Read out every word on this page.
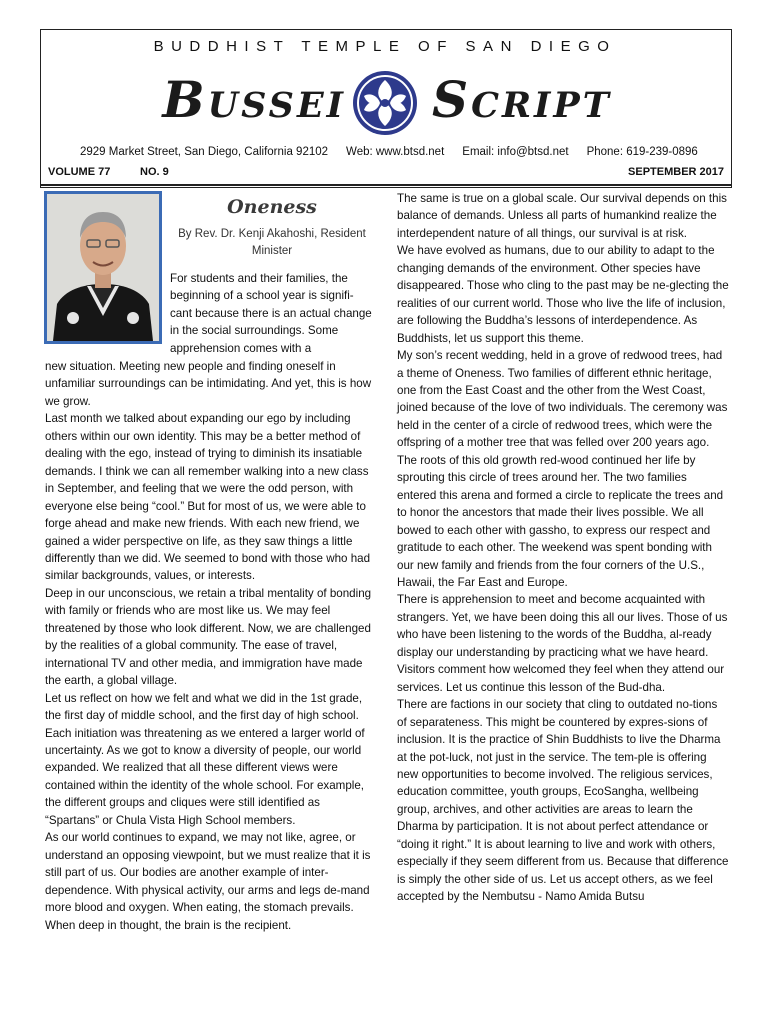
BUDDHIST TEMPLE OF SAN DIEGO
Bussei Script
2929 Market Street, San Diego, California 92102 Web: www.btsd.net Email: info@btsd.net Phone: 619-239-0896
VOLUME 77	NO. 9	SEPTEMBER 2017
Oneness
By Rev. Dr. Kenji Akahoshi, Resident Minister

For students and their families, the beginning of a school year is signifi-cant because there is an actual change in the social surroundings. Some apprehension comes with a

new situation. Meeting new people and finding oneself in unfamiliar surroundings can be intimidating. And yet, this is how we grow.

Last month we talked about expanding our ego by including others within our own identity. This may be a better method of dealing with the ego, instead of trying to diminish its insatiable demands. I think we can all remember walking into a new class in September, and feeling that we were the odd person, with everyone else being “cool.” But for most of us, we were able to forge ahead and make new friends. With each new friend, we gained a wider perspective on life, as they saw things a little differently than we did. We seemed to bond with those who had similar backgrounds, values, or interests.

Deep in our unconscious, we retain a tribal mentality of bonding with family or friends who are most like us. We may feel threatened by those who look different. Now, we are challenged by the realities of a global community. The ease of travel, international TV and other media, and immigration have made the earth, a global village.

Let us reflect on how we felt and what we did in the 1st grade, the first day of middle school, and the first day of high school. Each initiation was threatening as we entered a larger world of uncertainty. As we got to know a diversity of people, our world expanded. We realized that all these different views were contained within the identity of the whole school. For example, the different groups and cliques were still identified as “Spartans” or Chula Vista High School members.

As our world continues to expand, we may not like, agree, or understand an opposing viewpoint, but we must realize that it is still part of us. Our bodies are another example of inter-dependence. With physical activity, our arms and legs de-mand more blood and oxygen. When eating, the stomach prevails. When deep in thought, the brain is the recipient.

The same is true on a global scale. Our survival depends on this balance of demands. Unless all parts of humankind realize the interdependent nature of all things, our survival is at risk.

We have evolved as humans, due to our ability to adapt to the changing demands of the environment. Other species have disappeared. Those who cling to the past may be ne-glecting the realities of our current world. Those who live the life of inclusion, are following the Buddha’s lessons of interdependence. As Buddhists, let us support this theme.

My son’s recent wedding, held in a grove of redwood trees, had a theme of Oneness. Two families of different ethnic heritage, one from the East Coast and the other from the West Coast, joined because of the love of two individuals. The ceremony was held in the center of a circle of redwood trees, which were the offspring of a mother tree that was felled over 200 years ago. The roots of this old growth red-wood continued her life by sprouting this circle of trees around her. The two families entered this arena and formed a circle to replicate the trees and to honor the ancestors that made their lives possible. We all bowed to each other with gassho, to express our respect and gratitude to each other. The weekend was spent bonding with our new family and friends from the four corners of the U.S., Hawaii, the Far East and Europe.

There is apprehension to meet and become acquainted with strangers. Yet, we have been doing this all our lives. Those of us who have been listening to the words of the Buddha, al-ready display our understanding by practicing what we have heard. Visitors comment how welcomed they feel when they attend our services. Let us continue this lesson of the Bud-dha.

There are factions in our society that cling to outdated no-tions of separateness. This might be countered by expres-sions of inclusion. It is the practice of Shin Buddhists to live the Dharma at the pot-luck, not just in the service. The tem-ple is offering new opportunities to become involved. The religious services, education committee, youth groups, EcoSangha, wellbeing group, archives, and other activities are areas to learn the Dharma by participation. It is not about perfect attendance or “doing it right.” It is about learning to live and work with others, especially if they seem different from us. Because that difference is simply the other side of us. Let us accept others, as we feel accepted by the Nembutsu - Namo Amida Butsu
